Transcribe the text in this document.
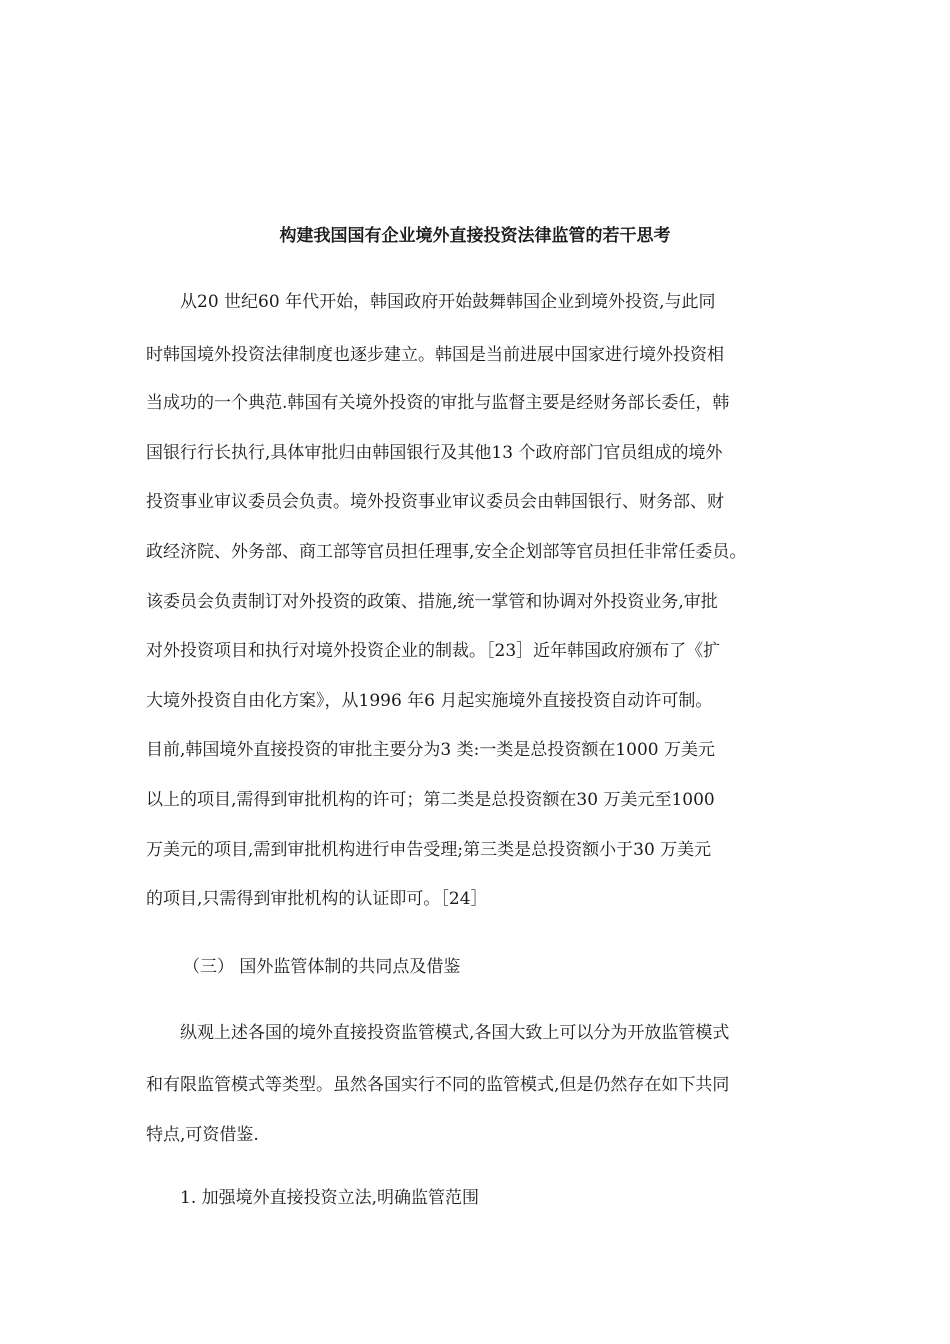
构建我国国有企业境外直接投资法律监管的若干思考

从20 世纪60 年代开始，韩国政府开始鼓舞韩国企业到境外投资,与此同

时韩国境外投资法律制度也逐步建立。韩国是当前进展中国家进行境外投资相

当成功的一个典范.韩国有关境外投资的审批与监督主要是经财务部长委任，韩

国银行行长执行,具体审批归由韩国银行及其他13 个政府部门官员组成的境外

投资事业审议委员会负责。境外投资事业审议委员会由韩国银行、财务部、财

政经济院、外务部、商工部等官员担任理事,安全企划部等官员担任非常任委员。

该委员会负责制订对外投资的政策、措施,统一掌管和协调对外投资业务,审批

对外投资项目和执行对境外投资企业的制裁。［23］近年韩国政府颁布了《扩

大境外投资自由化方案》，从1996 年6 月起实施境外直接投资自动许可制。

目前,韩国境外直接投资的审批主要分为3 类:一类是总投资额在1000 万美元

以上的项目,需得到审批机构的许可；第二类是总投资额在30 万美元至1000

万美元的项目,需到审批机构进行申告受理;第三类是总投资额小于30 万美元

的项目,只需得到审批机构的认证即可。［24］

（三） 国外监管体制的共同点及借鉴

纵观上述各国的境外直接投资监管模式,各国大致上可以分为开放监管模式

和有限监管模式等类型。虽然各国实行不同的监管模式,但是仍然存在如下共同

特点,可资借鉴.

1. 加强境外直接投资立法,明确监管范围
